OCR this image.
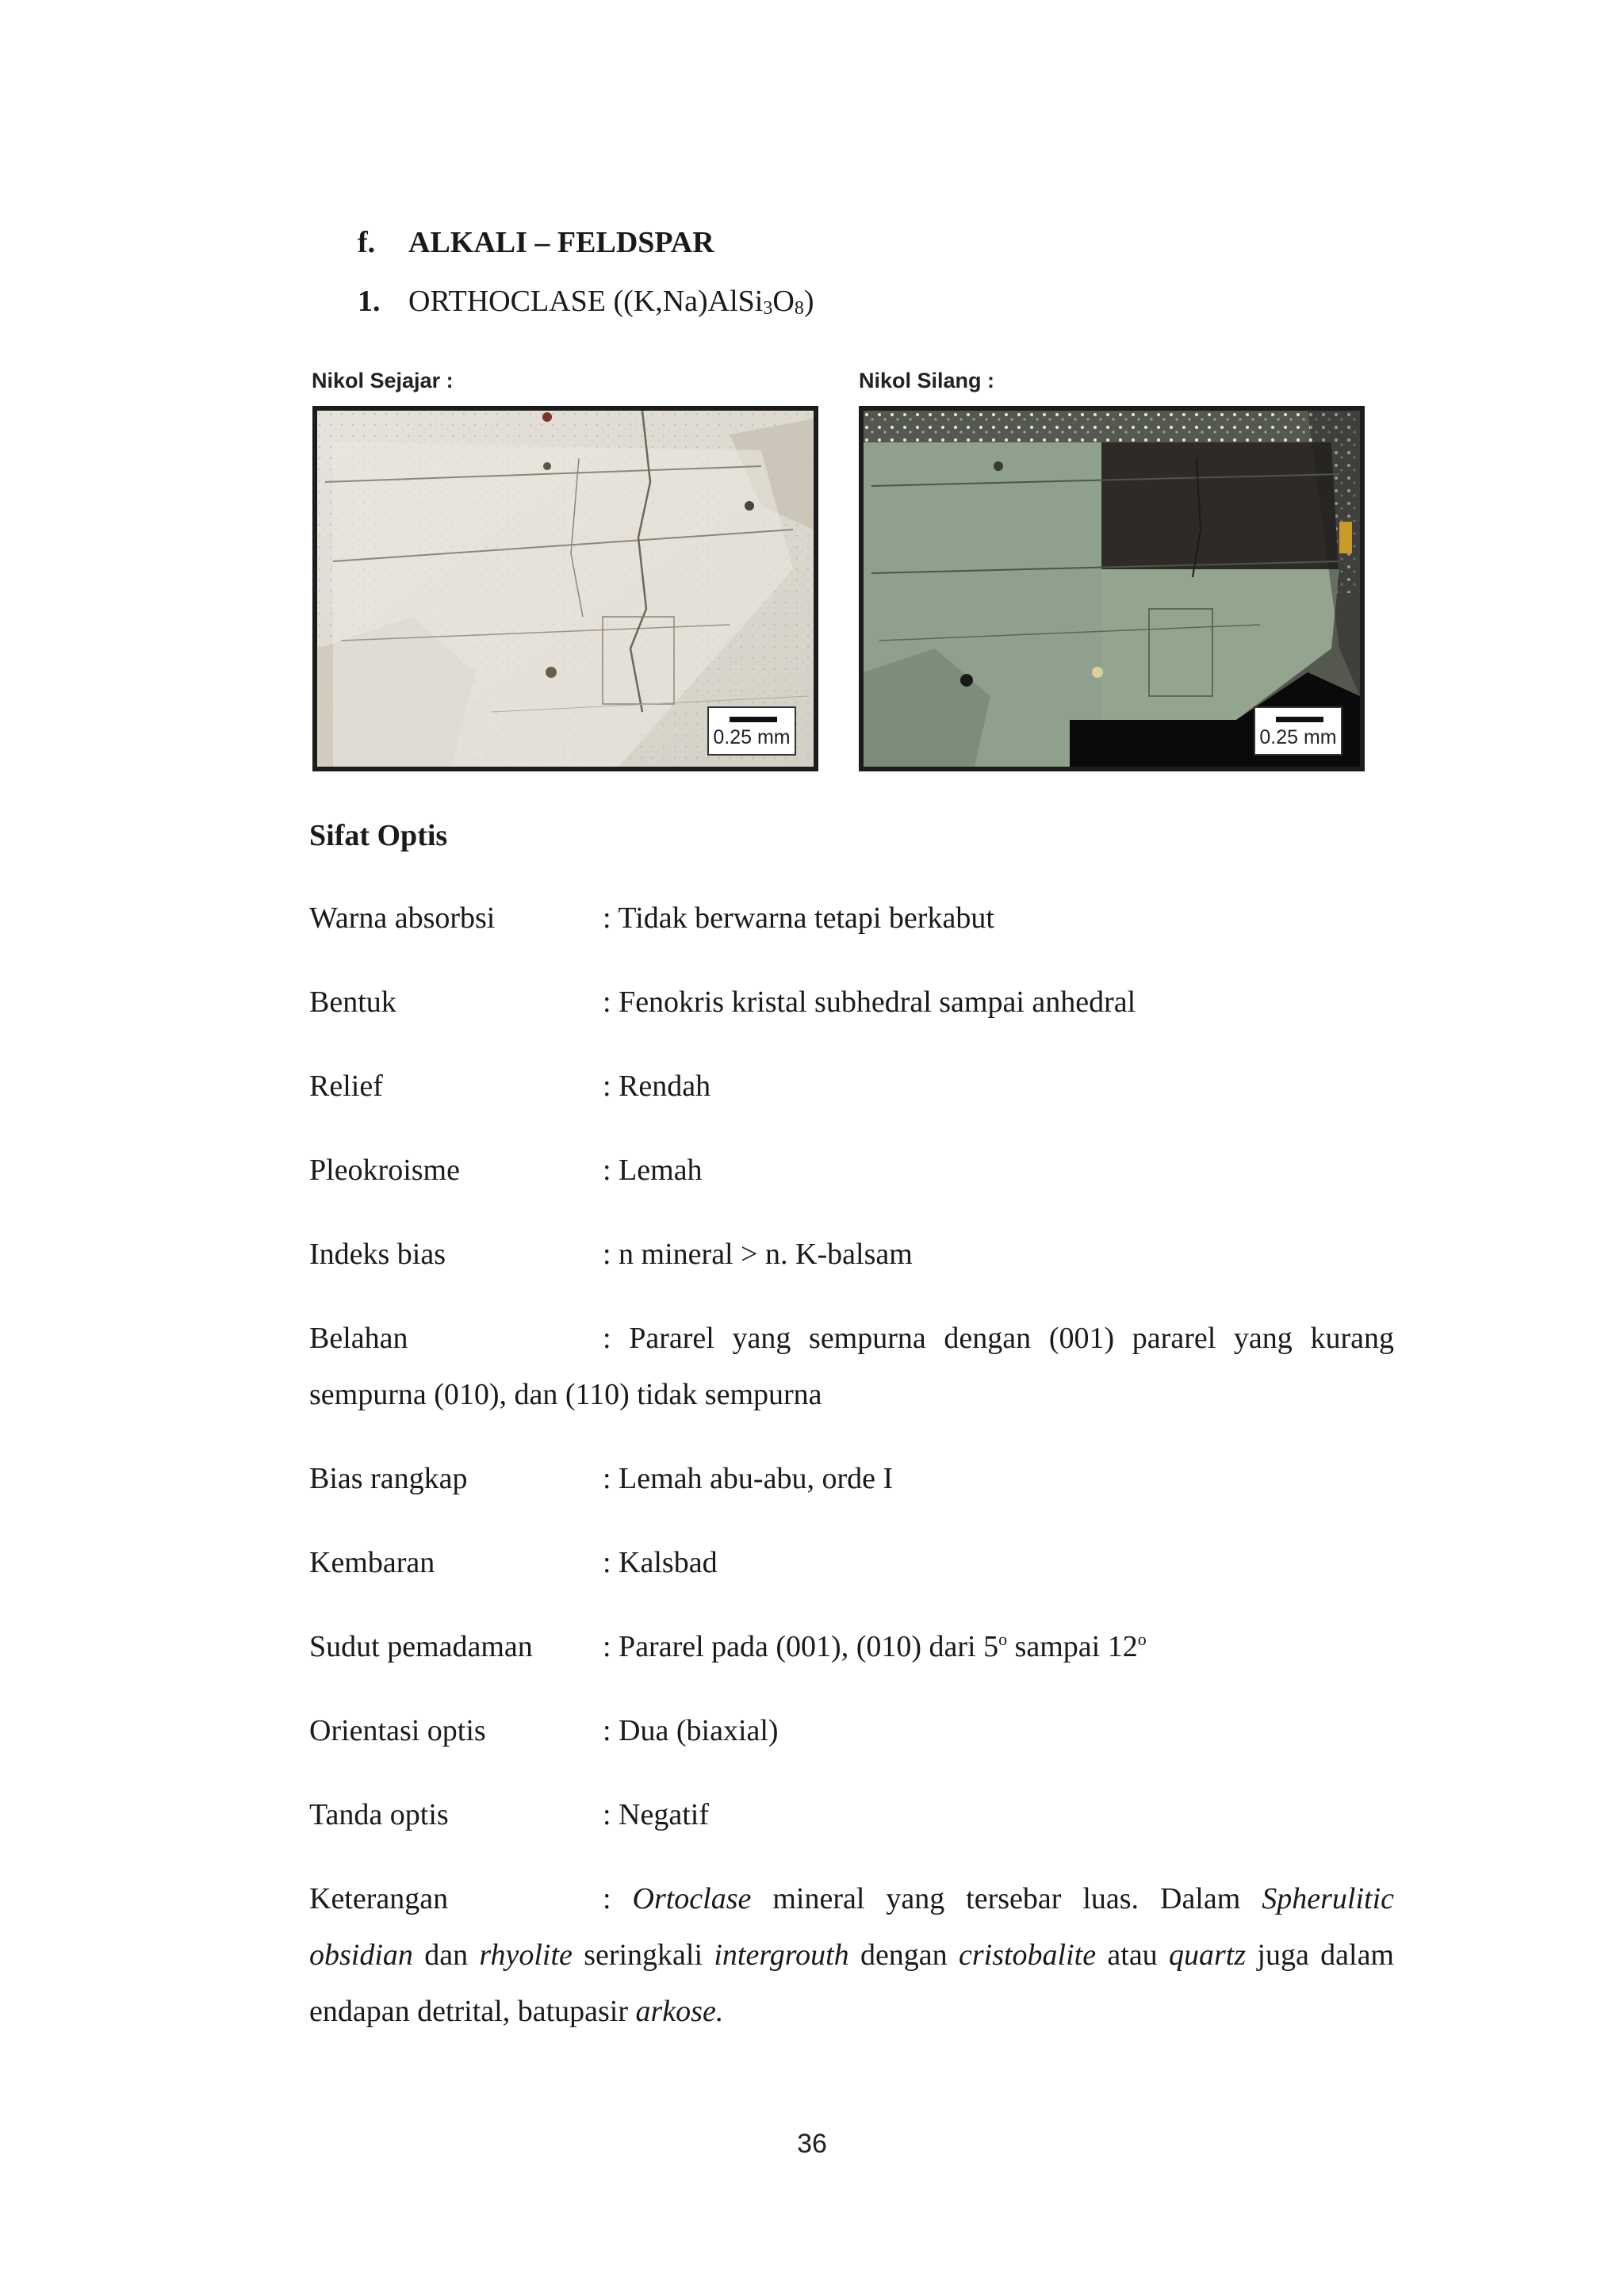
f. ALKALI – FELDSPAR
1. ORTHOCLASE $((K,Na)AlSi_3O_8)$
Nikol Sejajar :	Nikol Silang :
0.25 mm	0.25 mm
Sifat Optis
Warna absorbsi	: Tidak berwarna tetapi berkabut
Bentuk	: Fenokris kristal subhedral sampai anhedral
Relief	: Rendah
Pleokroisme	: Lemah
Indeks bias	: n mineral > n. K-balsam
Belahan	: Pararel yang sempurna dengan (001) pararel yang kurang sempurna (010), dan (110) tidak sempurna
Bias rangkap	: Lemah abu-abu, orde I
Kembaran	: Kalsbad
Sudut pemadaman : Pararel pada (001), (010) dari 5$^o$ sampai 12$^o$
Orientasi optis	: Dua (biaxial)
Tanda optis	: Negatif
Keterangan	: Ortoclase mineral yang tersebar luas. Dalam Spherulitic obsidian dan rhyolite seringkali intergrouth dengan cristobalite atau quartz juga dalam endapan detrital, batupasir arkose.
36
